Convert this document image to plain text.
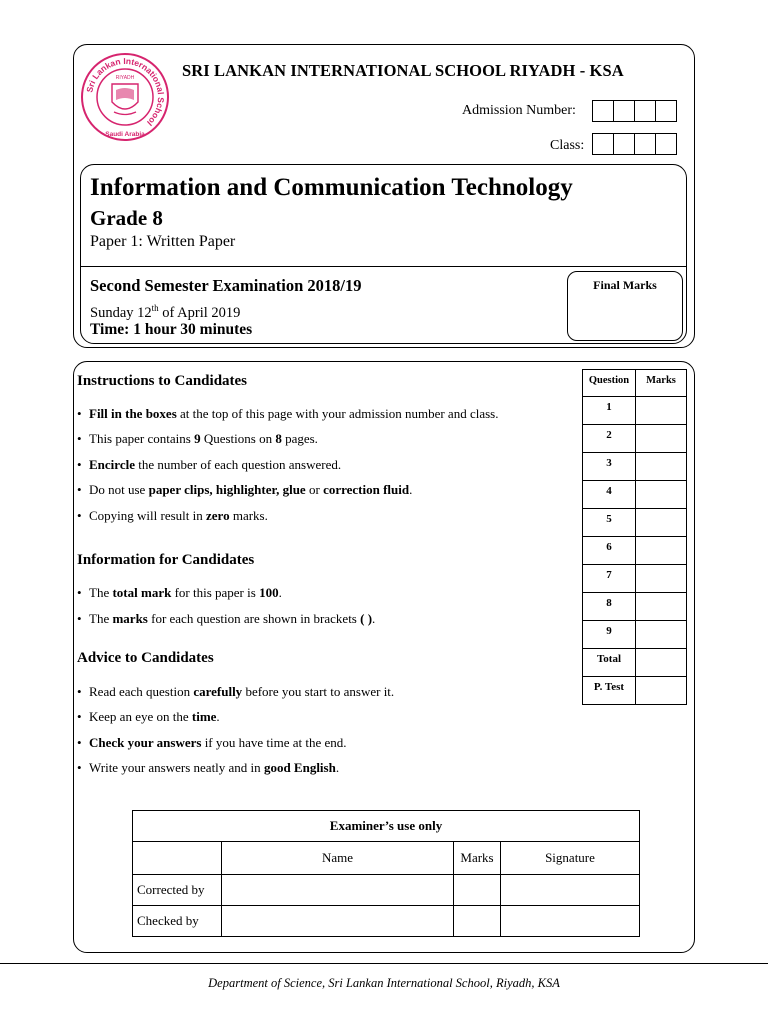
Sri Lankan International School
RIYADH
Saudi Arabia
SRI LANKAN INTERNATIONAL SCHOOL RIYADH - KSA
Admission Number:
Class:
Information and Communication Technology
Grade 8
Paper 1: Written Paper
Second Semester Examination 2018/19
Sunday 12th of April 2019
Time: 1 hour 30 minutes
Final Marks
Instructions to Candidates
• Fill in the boxes at the top of this page with your admission number and class.
• This paper contains 9 Questions on 8 pages.
• Encircle the number of each question answered.
• Do not use paper clips, highlighter, glue or correction fluid.
• Copying will result in zero marks.
Information for Candidates
• The total mark for this paper is 100.
• The marks for each question are shown in brackets ( ).
Advice to Candidates
• Read each question carefully before you start to answer it.
• Keep an eye on the time.
• Check your answers if you have time at the end.
• Write your answers neatly and in good English.
Question	Marks
1	
2	
3	
4	
5	
6	
7	
8	
9	
Total	
P. Test	
Examiner’s use only			
	Name	Marks	Signature
Corrected by			
Checked by			
Department of Science, Sri Lankan International School, Riyadh, KSA
